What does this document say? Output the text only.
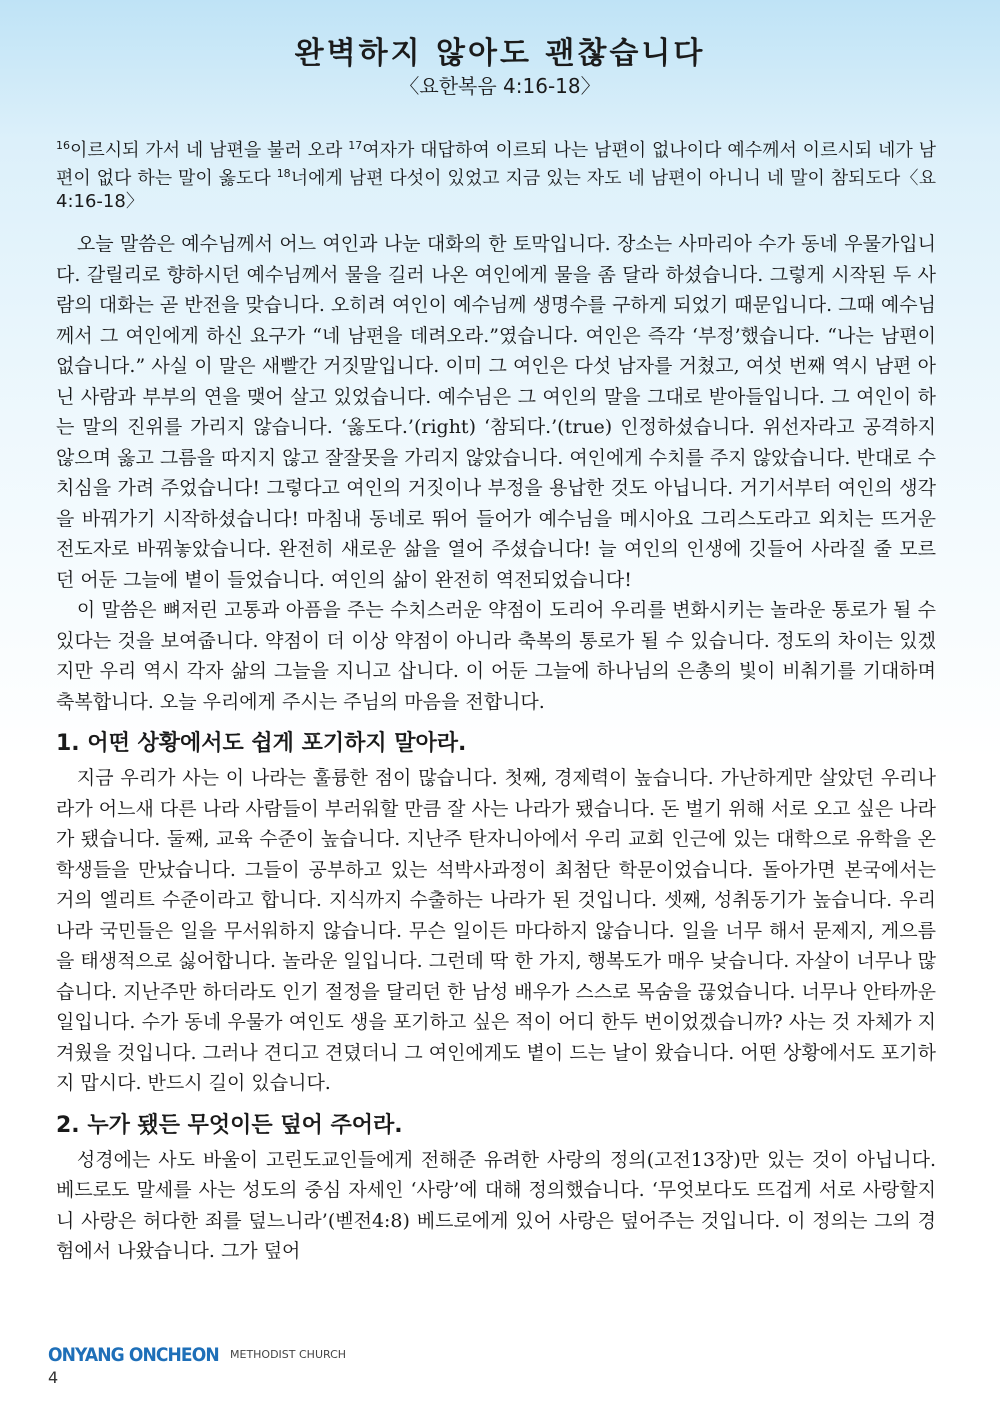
완벽하지 않아도 괜찮습니다
〈요한복음 4:16-18〉
$^{16}$이르시되 가서 네 남편을 불러 오라 $^{17}$여자가 대답하여 이르되 나는 남편이 없나이다 예수께서 이르시되 네가 남편이 없다 하는 말이 옳도다 $^{18}$너에게 남편 다섯이 있었고 지금 있는 자도 네 남편이 아니니 네 말이 참되도다〈요 4:16-18〉

오늘 말씀은 예수님께서 어느 여인과 나눈 대화의 한 토막입니다. 장소는 사마리아 수가 동네 우물가입니다. 갈릴리로 향하시던 예수님께서 물을 길러 나온 여인에게 물을 좀 달라 하셨습니다. 그렇게 시작된 두 사람의 대화는 곧 반전을 맞습니다. 오히려 여인이 예수님께 생명수를 구하게 되었기 때문입니다. 그때 예수님께서 그 여인에게 하신 요구가 “네 남편을 데려오라.”였습니다. 여인은 즉각 ‘부정’했습니다. “나는 남편이 없습니다.” 사실 이 말은 새빨간 거짓말입니다. 이미 그 여인은 다섯 남자를 거쳤고, 여섯 번째 역시 남편 아닌 사람과 부부의 연을 맺어 살고 있었습니다. 예수님은 그 여인의 말을 그대로 받아들입니다. 그 여인이 하는 말의 진위를 가리지 않습니다. ‘옳도다.’(right) ‘참되다.’(true) 인정하셨습니다. 위선자라고 공격하지 않으며 옳고 그름을 따지지 않고 잘잘못을 가리지 않았습니다. 여인에게 수치를 주지 않았습니다. 반대로 수치심을 가려 주었습니다! 그렇다고 여인의 거짓이나 부정을 용납한 것도 아닙니다. 거기서부터 여인의 생각을 바꿔가기 시작하셨습니다! 마침내 동네로 뛰어 들어가 예수님을 메시아요 그리스도라고 외치는 뜨거운 전도자로 바꿔놓았습니다. 완전히 새로운 삶을 열어 주셨습니다! 늘 여인의 인생에 깃들어 사라질 줄 모르던 어둔 그늘에 볕이 들었습니다. 여인의 삶이 완전히 역전되었습니다!

이 말씀은 뼈저린 고통과 아픔을 주는 수치스러운 약점이 도리어 우리를 변화시키는 놀라운 통로가 될 수 있다는 것을 보여줍니다. 약점이 더 이상 약점이 아니라 축복의 통로가 될 수 있습니다. 정도의 차이는 있겠지만 우리 역시 각자 삶의 그늘을 지니고 삽니다. 이 어둔 그늘에 하나님의 은총의 빛이 비춰기를 기대하며 축복합니다. 오늘 우리에게 주시는 주님의 마음을 전합니다.

1. 어떤 상황에서도 쉽게 포기하지 말아라.

지금 우리가 사는 이 나라는 훌륭한 점이 많습니다. 첫째, 경제력이 높습니다. 가난하게만 살았던 우리나라가 어느새 다른 나라 사람들이 부러워할 만큼 잘 사는 나라가 됐습니다. 돈 벌기 위해 서로 오고 싶은 나라가 됐습니다. 둘째, 교육 수준이 높습니다. 지난주 탄자니아에서 우리 교회 인근에 있는 대학으로 유학을 온 학생들을 만났습니다. 그들이 공부하고 있는 석박사과정이 최첨단 학문이었습니다. 돌아가면 본국에서는 거의 엘리트 수준이라고 합니다. 지식까지 수출하는 나라가 된 것입니다. 셋째, 성취동기가 높습니다. 우리나라 국민들은 일을 무서워하지 않습니다. 무슨 일이든 마다하지 않습니다. 일을 너무 해서 문제지, 게으름을 태생적으로 싫어합니다. 놀라운 일입니다. 그런데 딱 한 가지, 행복도가 매우 낮습니다. 자살이 너무나 많습니다. 지난주만 하더라도 인기 절정을 달리던 한 남성 배우가 스스로 목숨을 끊었습니다. 너무나 안타까운 일입니다. 수가 동네 우물가 여인도 생을 포기하고 싶은 적이 어디 한두 번이었겠습니까? 사는 것 자체가 지겨웠을 것입니다. 그러나 견디고 견뎠더니 그 여인에게도 볕이 드는 날이 왔습니다. 어떤 상황에서도 포기하지 맙시다. 반드시 길이 있습니다.

2. 누가 됐든 무엇이든 덮어 주어라.

성경에는 사도 바울이 고린도교인들에게 전해준 유려한 사랑의 정의(고전13장)만 있는 것이 아닙니다. 베드로도 말세를 사는 성도의 중심 자세인 ‘사랑’에 대해 정의했습니다. ‘무엇보다도 뜨겁게 서로 사랑할지니 사랑은 허다한 죄를 덮느니라’(벧전4:8) 베드로에게 있어 사랑은 덮어주는 것입니다. 이 정의는 그의 경험에서 나왔습니다. 그가 덮어

ONYANG ONCHEON METHODIST CHURCH
4
